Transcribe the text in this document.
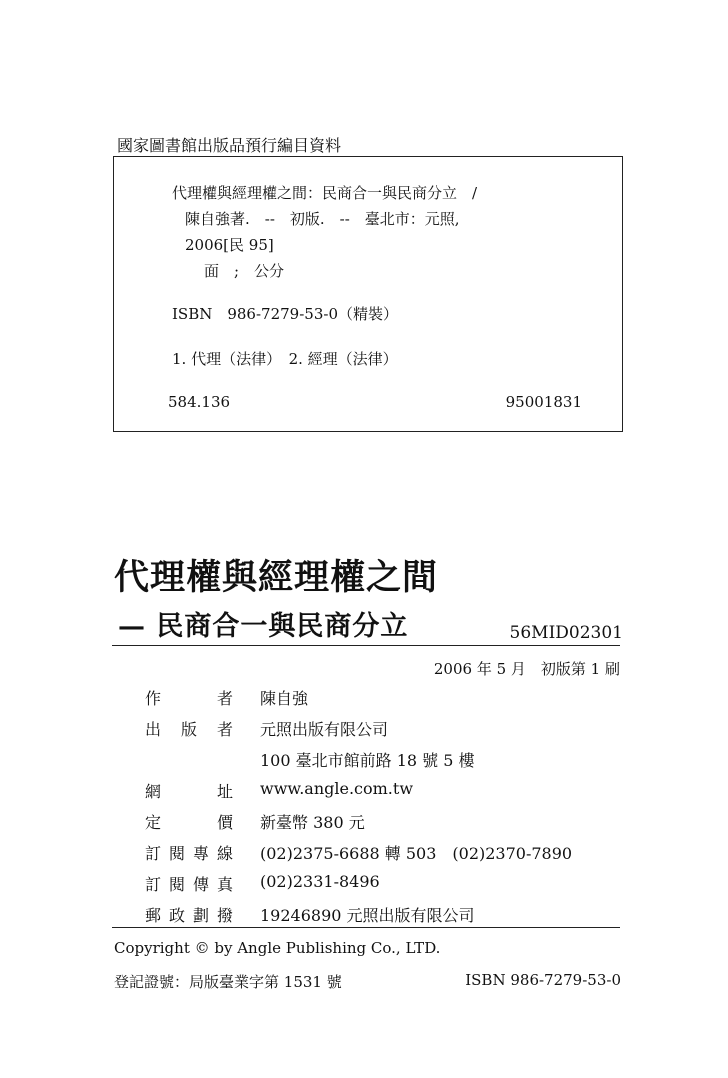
國家圖書館出版品預行編目資料
代理權與經理權之間：民商合一與民商分立　/
陳自強著.　--　初版.　--　臺北市：元照,
2006[民 95]
面　;　公分
ISBN　986-7279-53-0（精裝）
1. 代理（法律）　2. 經理（法律）
584.136	95001831
代理權與經理權之間
— 民商合一與民商分立	56MID02301
2006 年 5 月　初版第 1 刷
作者 陳自強
出版者 元照出版有限公司
100 臺北市館前路 18 號 5 樓
網址 www.angle.com.tw
定價 新臺幣 380 元
訂閱專線 (02)2375-6688 轉 503　(02)2370-7890
訂閱傳真 (02)2331-8496
郵政劃撥 19246890 元照出版有限公司
Copyright © by Angle Publishing Co., LTD.
登記證號：局版臺業字第 1531 號	ISBN 986-7279-53-0
